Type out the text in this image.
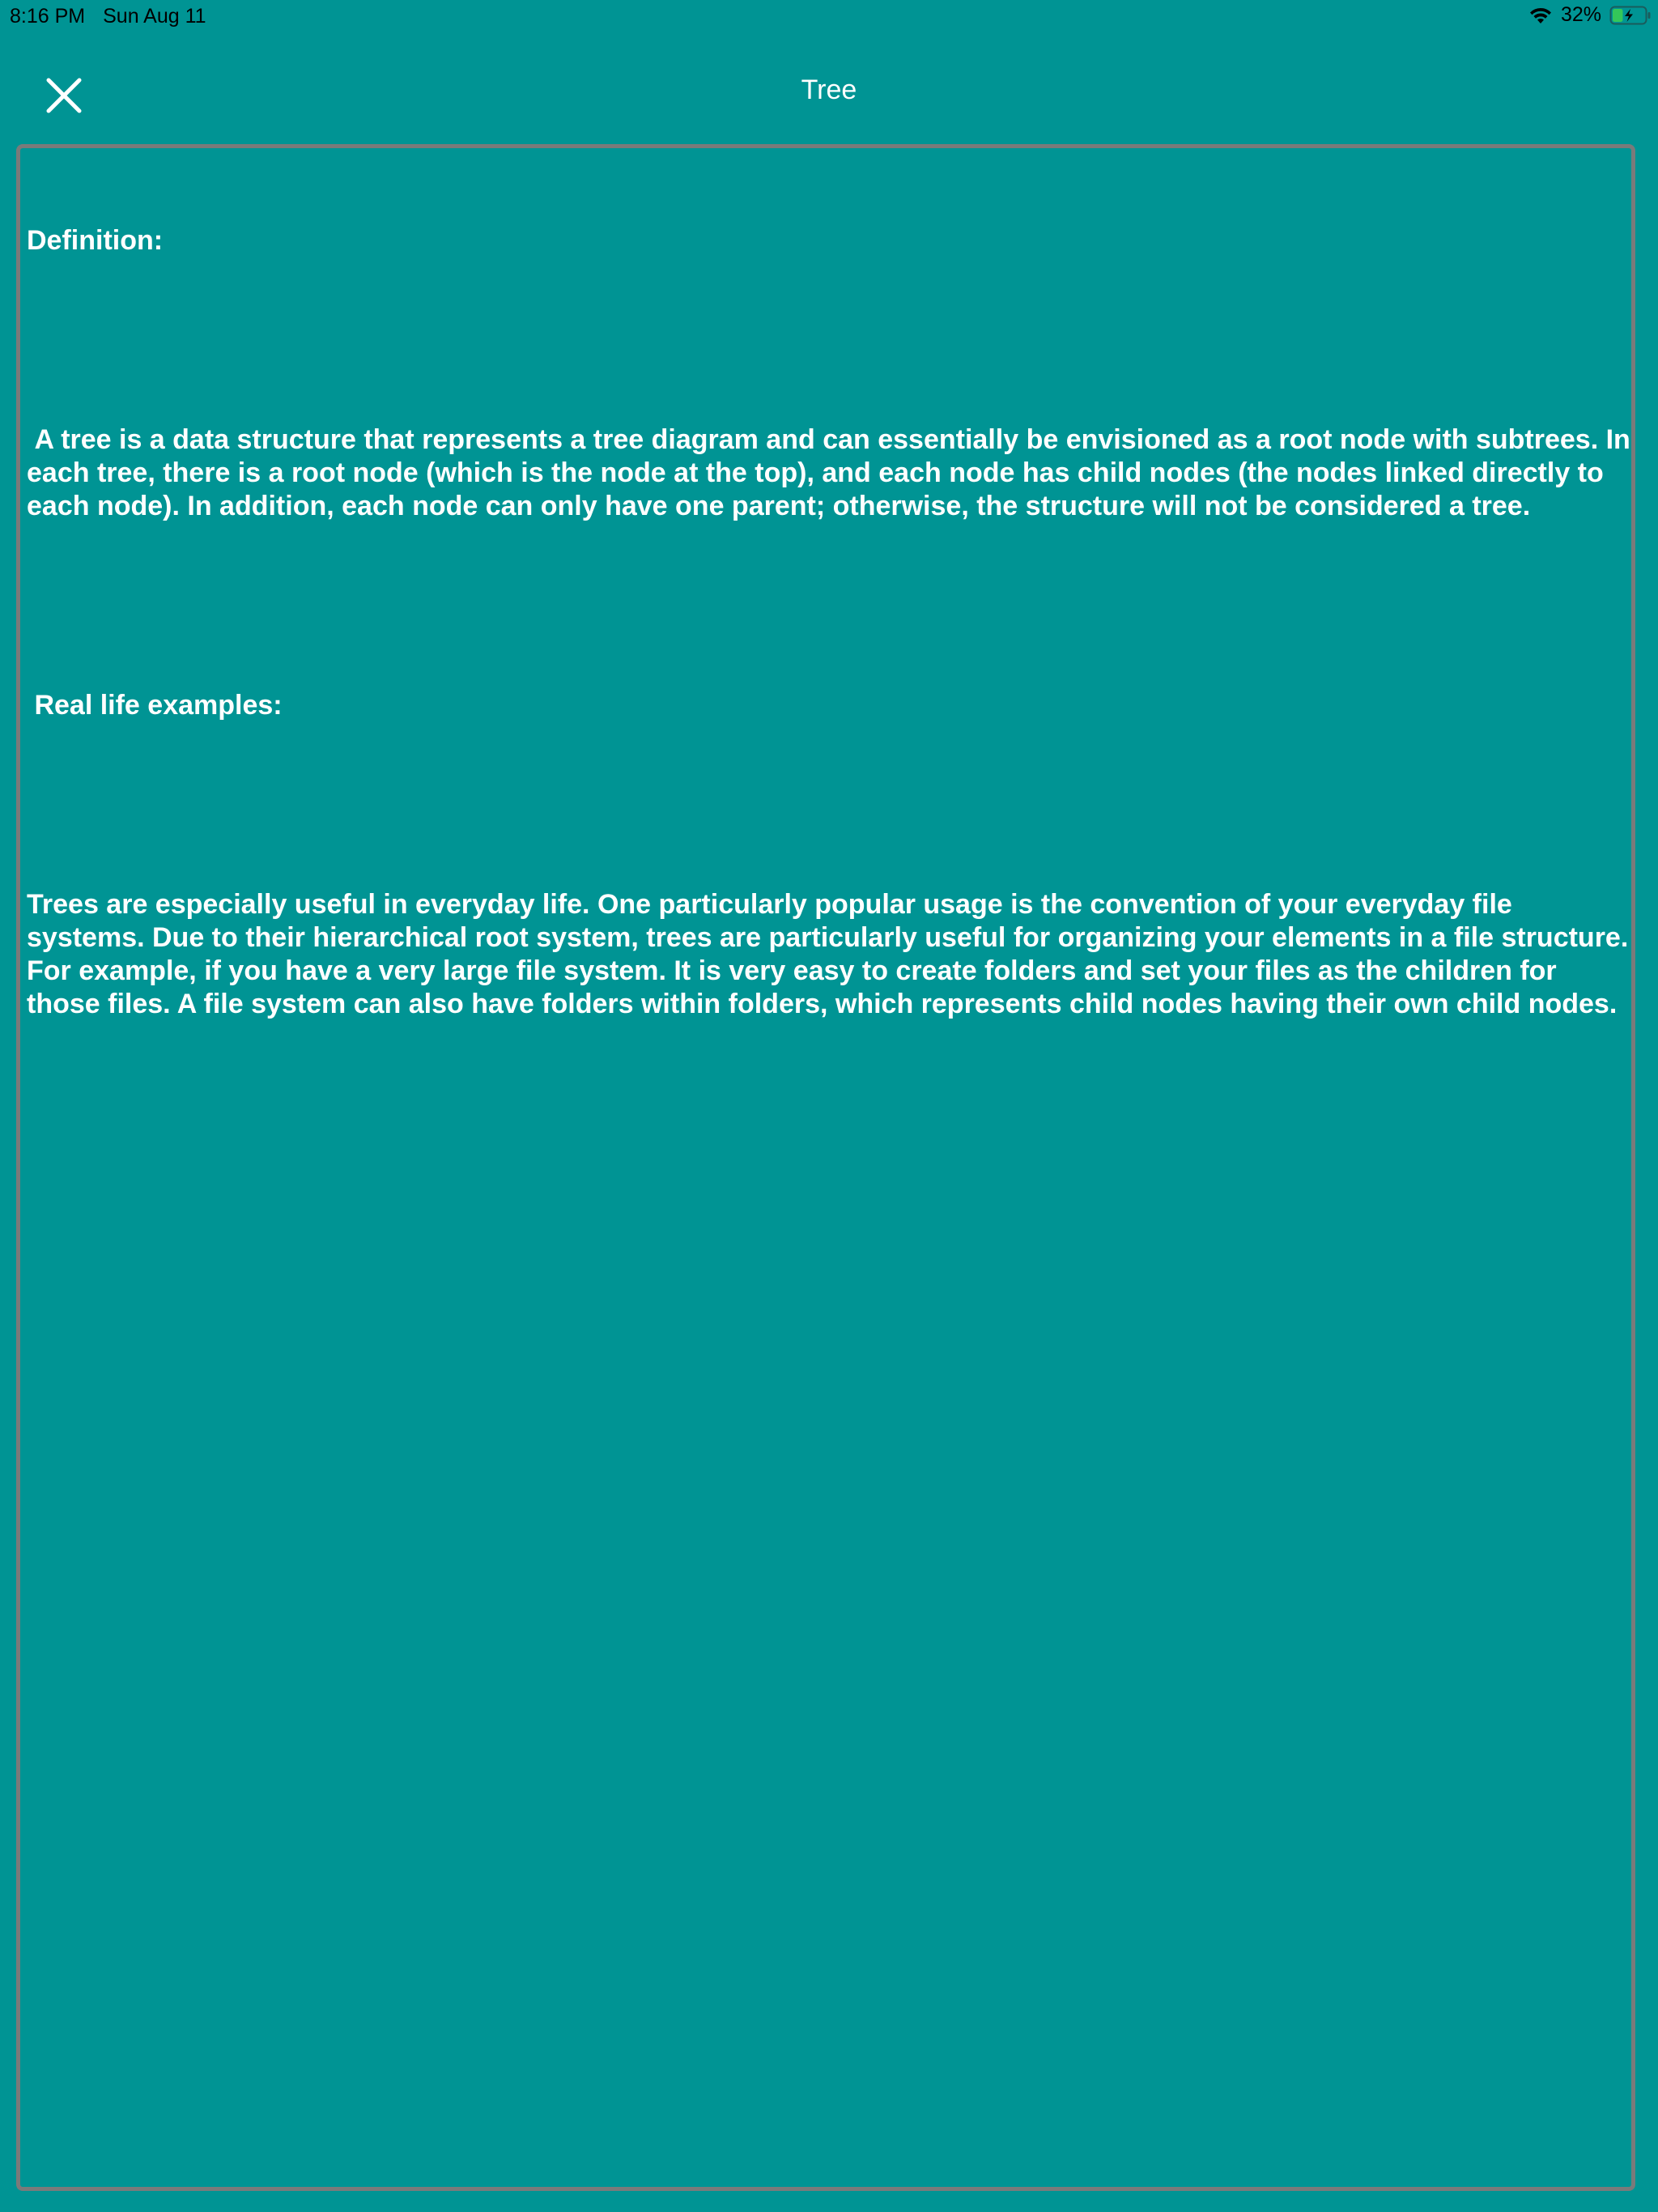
8:16 PM Sun Aug 11	32%
Tree

Definition:

A tree is a data structure that represents a tree diagram and can essentially be envisioned as a root node with subtrees. In each tree, there is a root node (which is the node at the top), and each node has child nodes (the nodes linked directly to each node). In addition, each node can only have one parent; otherwise, the structure will not be considered a tree.

Real life examples:

Trees are especially useful in everyday life. One particularly popular usage is the convention of your everyday file systems. Due to their hierarchical root system, trees are particularly useful for organizing your elements in a file structure. For example, if you have a very large file system. It is very easy to create folders and set your files as the children for those files. A file system can also have folders within folders, which represents child nodes having their own child nodes.
